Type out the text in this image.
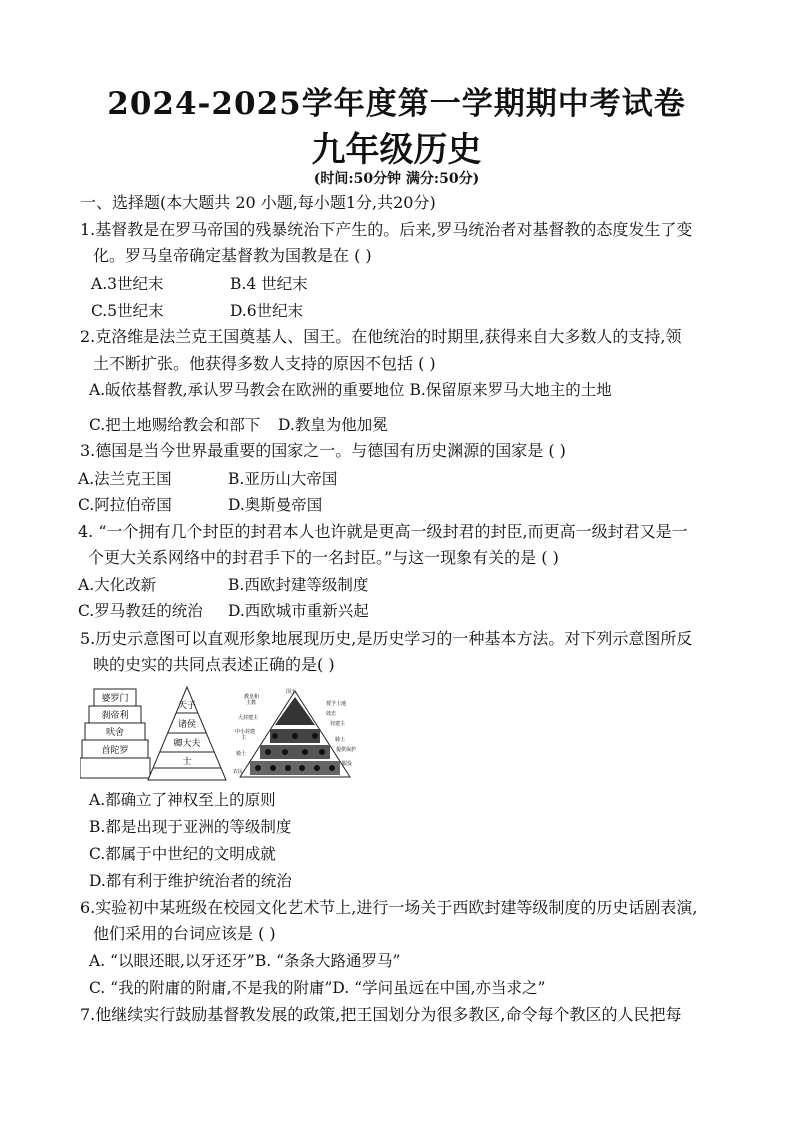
2024-2025学年度第一学期期中考试卷
九年级历史
(时间:50分钟 满分:50分)
一、选择题(本大题共 20 小题,每小题1分,共20分)
1.基督教是在罗马帝国的残暴统治下产生的。后来,罗马统治者对基督教的态度发生了变
化。罗马皇帝确定基督教为国教是在 ( )
A.3世纪末	B.4 世纪末
C.5世纪末	D.6世纪末
2.克洛维是法兰克王国奠基人、国王。在他统治的时期里,获得来自大多数人的支持,领
土不断扩张。他获得多数人支持的原因不包括 ( )
A.皈依基督教,承认罗马教会在欧洲的重要地位 B.保留原来罗马大地主的土地
C.把土地赐给教会和部下 D.教皇为他加冕
3.德国是当今世界最重要的国家之一。与德国有历史渊源的国家是 ( )
A.法兰克王国	B.亚历山大帝国
C.阿拉伯帝国	D.奥斯曼帝国
4. “一个拥有几个封臣的封君本人也许就是更高一级封君的封臣,而更高一级封君又是一
个更大关系网络中的封君手下的一名封臣。”与这一现象有关的是 ( )
A.大化改新	B.西欧封建等级制度
C.罗马教廷的统治 D.西欧城市重新兴起
5.历史示意图可以直观形象地展现历史,是历史学习的一种基本方法。对下列示意图所反
映的史实的共同点表述正确的是( )
婆罗门
刹帝利
吠舍
首陀罗
天子
诸侯
卿大夫
士
教皇和
主教
大封建主
中小封建
主
骑士
农民
国王
授予土地
效忠
封建主
骑士
提供保护
服役
A.都确立了神权至上的原则
B.都是出现于亚洲的等级制度
C.都属于中世纪的文明成就
D.都有利于维护统治者的统治
6.实验初中某班级在校园文化艺术节上,进行一场关于西欧封建等级制度的历史话剧表演,
他们采用的台词应该是 ( )
A. “以眼还眼,以牙还牙”B. “条条大路通罗马”
C. “我的附庸的附庸,不是我的附庸”D. “学问虽远在中国,亦当求之”
7.他继续实行鼓励基督教发展的政策,把王国划分为很多教区,命令每个教区的人民把每
